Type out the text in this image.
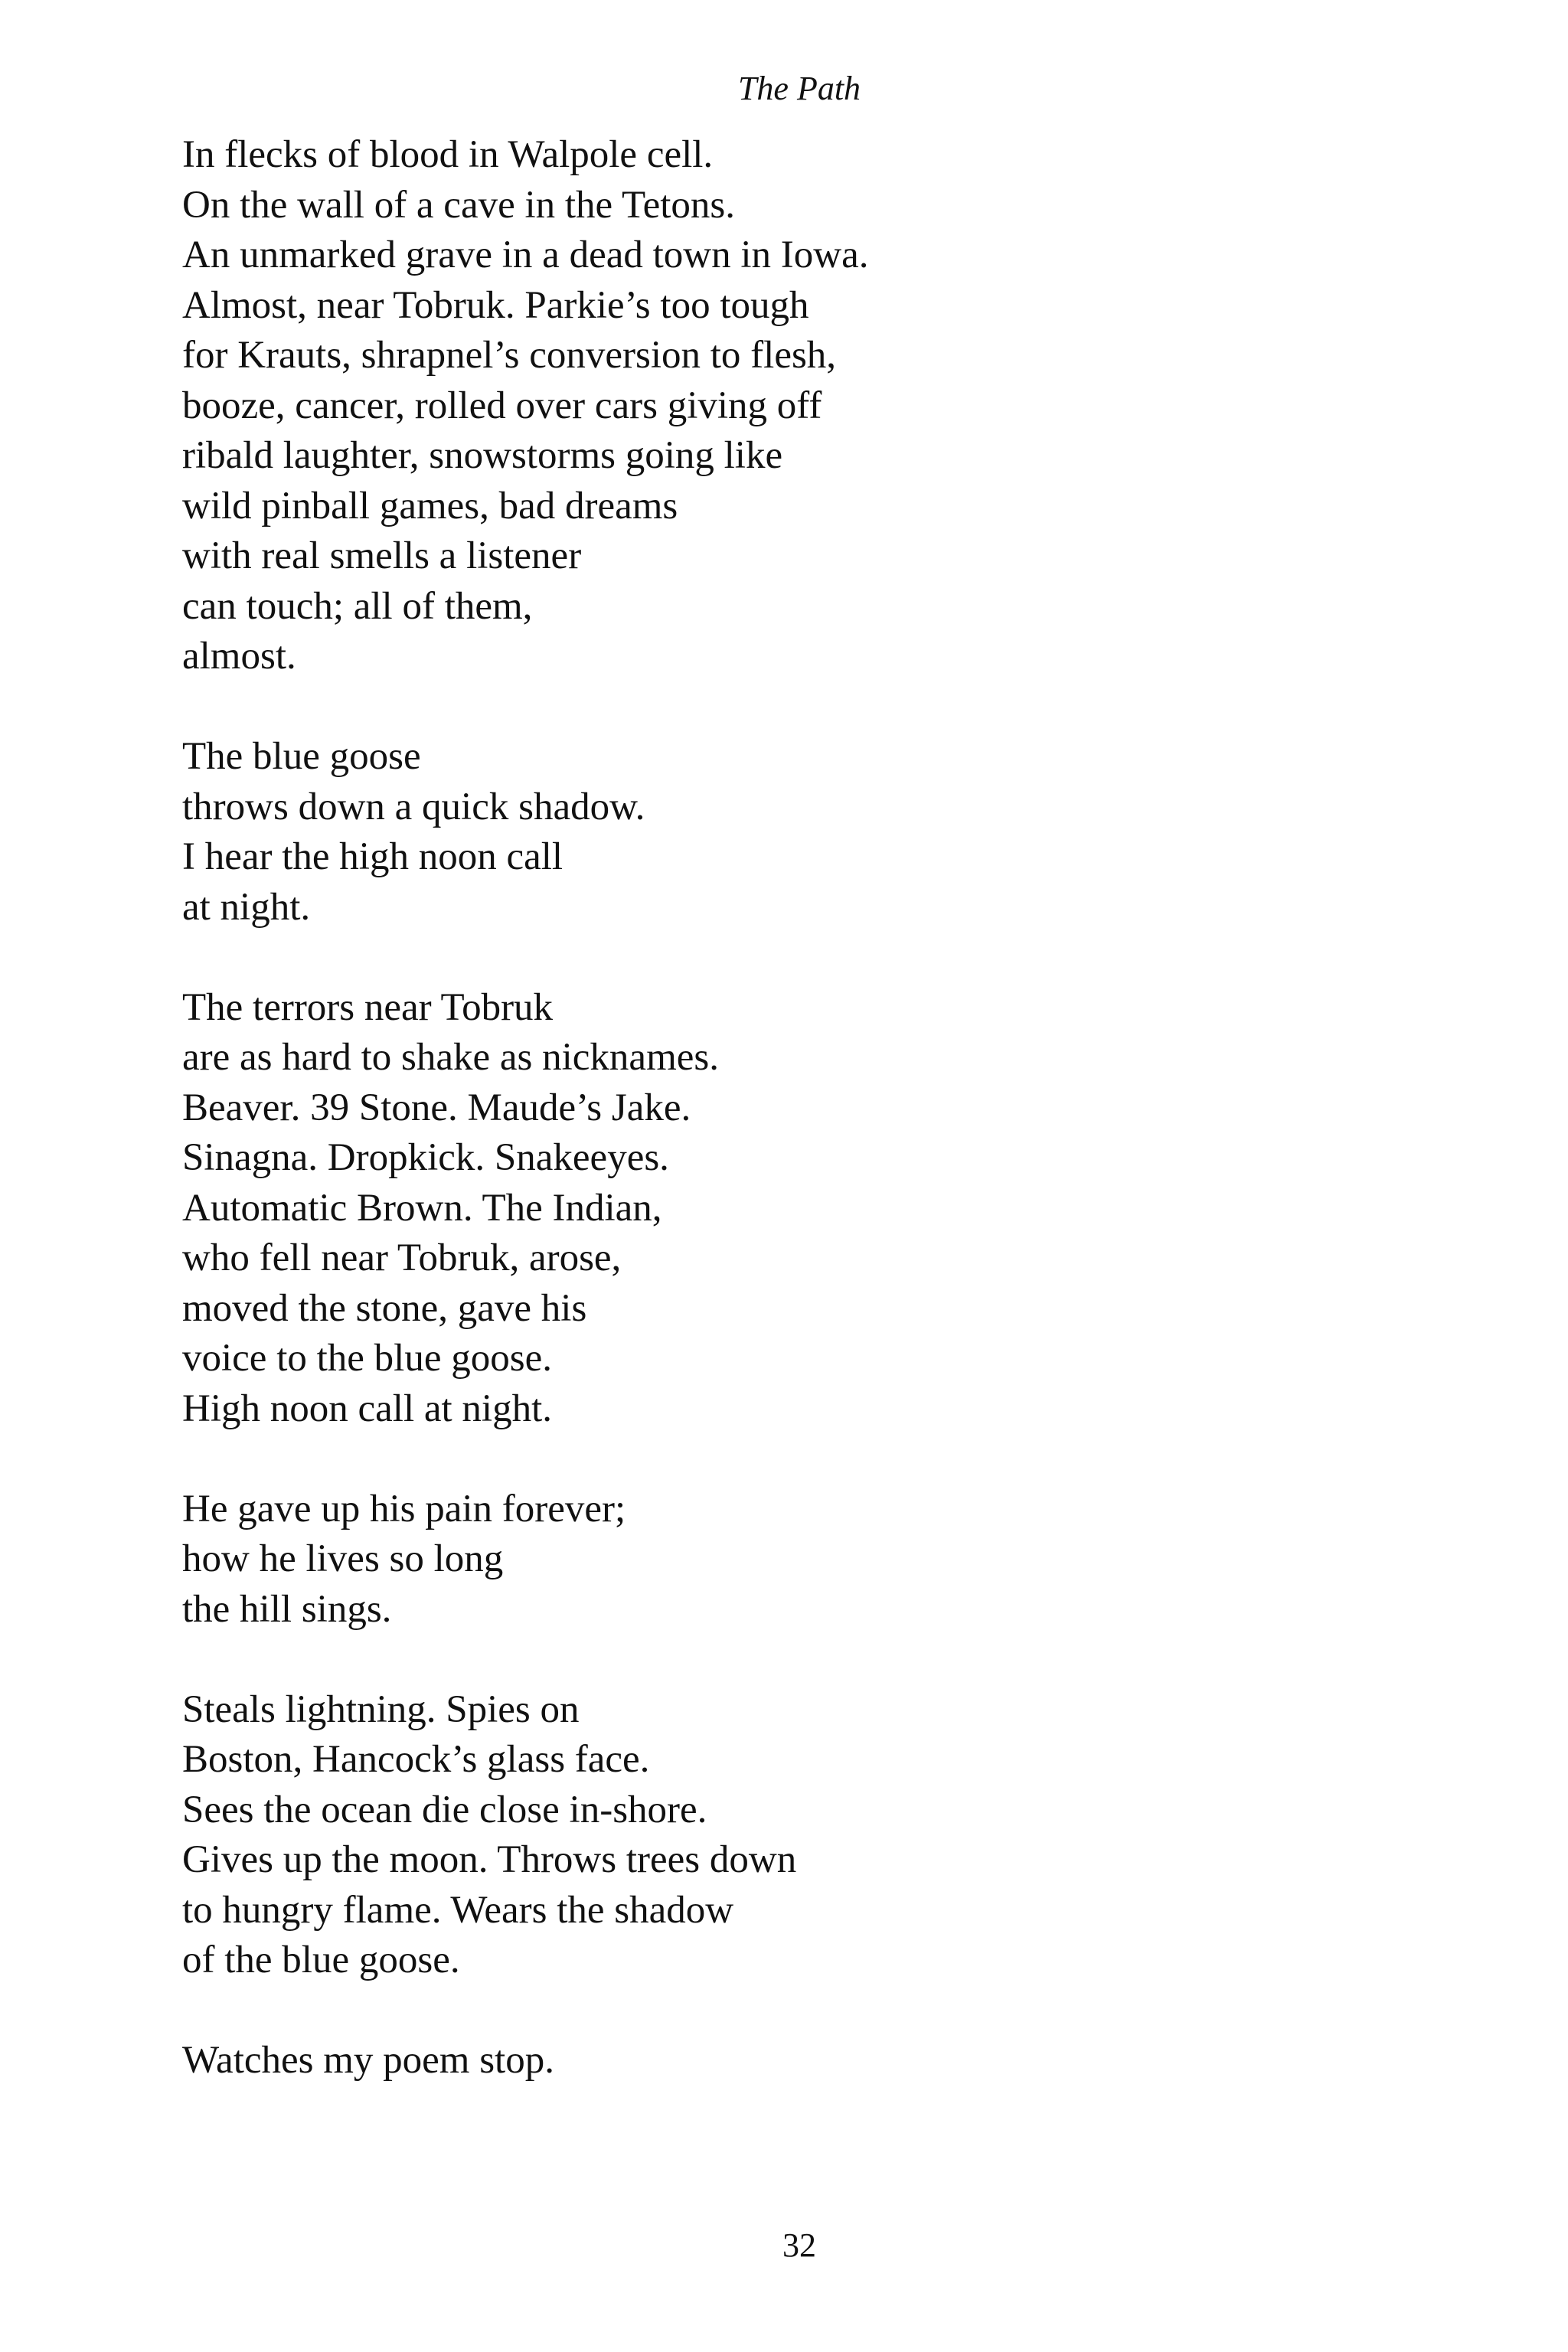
The Path
In flecks of blood in Walpole cell.
On the wall of a cave in the Tetons.
An unmarked grave in a dead town in Iowa.
Almost, near Tobruk. Parkie’s too tough
for Krauts, shrapnel’s conversion to flesh,
booze, cancer, rolled over cars giving off
ribald laughter, snowstorms going like
wild pinball games, bad dreams
with real smells a listener
can touch; all of them,
almost.
The blue goose
throws down a quick shadow.
I hear the high noon call
at night.
The terrors near Tobruk
are as hard to shake as nicknames.
Beaver. 39 Stone. Maude’s Jake.
Sinagna. Dropkick. Snakeeyes.
Automatic Brown. The Indian,
who fell near Tobruk, arose,
moved the stone, gave his
voice to the blue goose.
High noon call at night.
He gave up his pain forever;
how he lives so long
the hill sings.
Steals lightning. Spies on
Boston, Hancock’s glass face.
Sees the ocean die close in-shore.
Gives up the moon. Throws trees down
to hungry flame. Wears the shadow
of the blue goose.
Watches my poem stop.
32
